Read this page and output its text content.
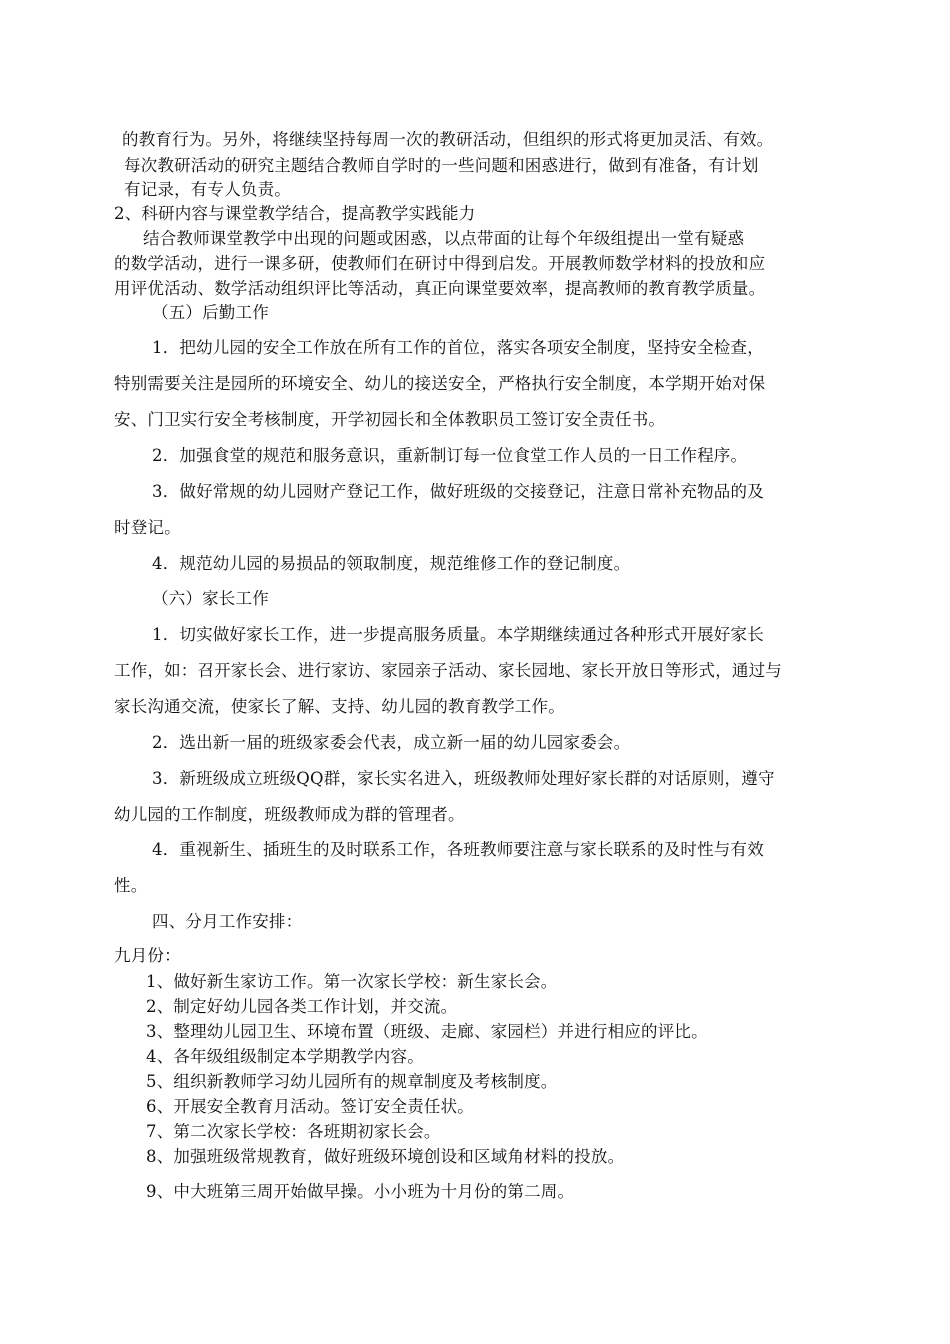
的教育行为。另外，将继续坚持每周一次的教研活动，但组织的形式将更加灵活、有效。
每次教研活动的研究主题结合教师自学时的一些问题和困惑进行，做到有准备，有计划
有记录，有专人负责。
2、科研内容与课堂教学结合，提高教学实践能力
结合教师课堂教学中出现的问题或困惑，以点带面的让每个年级组提出一堂有疑惑
的数学活动，进行一课多研，使教师们在研讨中得到启发。开展教师数学材料的投放和应
用评优活动、数学活动组织评比等活动，真正向课堂要效率，提高教师的教育教学质量。
（五）后勤工作
1．把幼儿园的安全工作放在所有工作的首位，落实各项安全制度，坚持安全检查，
特别需要关注是园所的环境安全、幼儿的接送安全，严格执行安全制度，本学期开始对保
安、门卫实行安全考核制度，开学初园长和全体教职员工签订安全责任书。
2．加强食堂的规范和服务意识，重新制订每一位食堂工作人员的一日工作程序。
3．做好常规的幼儿园财产登记工作，做好班级的交接登记，注意日常补充物品的及
时登记。
4．规范幼儿园的易损品的领取制度，规范维修工作的登记制度。
（六）家长工作
1．切实做好家长工作，进一步提高服务质量。本学期继续通过各种形式开展好家长
工作，如：召开家长会、进行家访、家园亲子活动、家长园地、家长开放日等形式，通过与
家长沟通交流，使家长了解、支持、幼儿园的教育教学工作。
2．选出新一届的班级家委会代表，成立新一届的幼儿园家委会。
3．新班级成立班级QQ群，家长实名进入，班级教师处理好家长群的对话原则，遵守
幼儿园的工作制度，班级教师成为群的管理者。
4．重视新生、插班生的及时联系工作，各班教师要注意与家长联系的及时性与有效
性。
四、分月工作安排：
九月份：
1、做好新生家访工作。第一次家长学校：新生家长会。
2、制定好幼儿园各类工作计划，并交流。
3、整理幼儿园卫生、环境布置（班级、走廊、家园栏）并进行相应的评比。
4、各年级组级制定本学期教学内容。
5、组织新教师学习幼儿园所有的规章制度及考核制度。
6、开展安全教育月活动。签订安全责任状。
7、第二次家长学校：各班期初家长会。
8、加强班级常规教育，做好班级环境创设和区域角材料的投放。
9、中大班第三周开始做早操。小小班为十月份的第二周。
